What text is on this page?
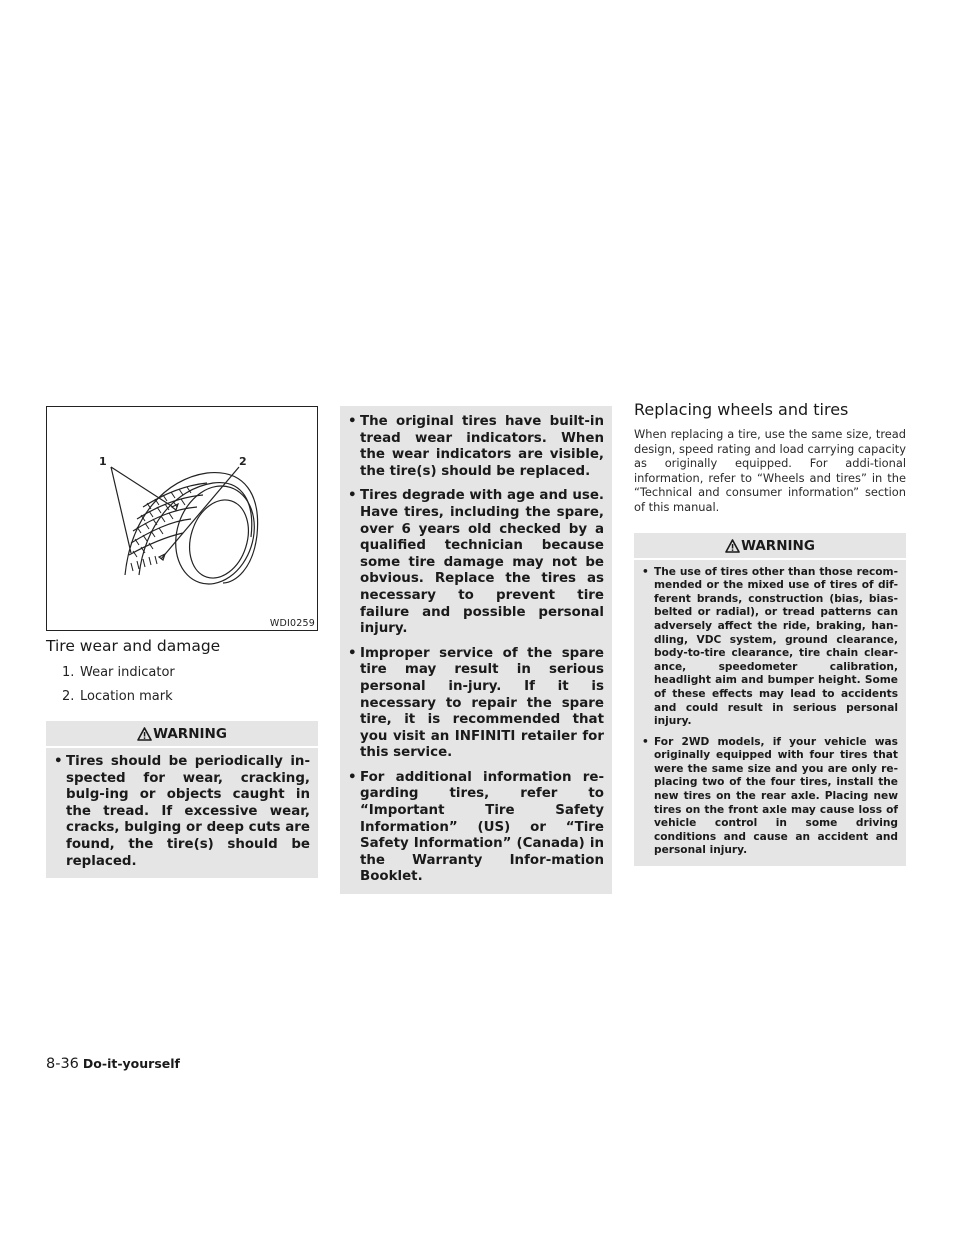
1	2
WDI0259
Tire wear and damage
1. Wear indicator
2. Location mark
WARNING
• Tires should be periodically in-spected for wear, cracking, bulg-ing or objects caught in the tread. If excessive wear, cracks, bulging or deep cuts are found, the tire(s) should be replaced.
• The original tires have built-in tread wear indicators. When the wear indicators are visible, the tire(s) should be replaced.
• Tires degrade with age and use. Have tires, including the spare, over 6 years old checked by a qualified technician because some tire damage may not be obvious. Replace the tires as necessary to prevent tire failure and possible personal injury.
• Improper service of the spare tire may result in serious personal in-jury. If it is necessary to repair the spare tire, it is recommended that you visit an INFINITI retailer for this service.
• For additional information re-garding tires, refer to “Important Tire Safety Information” (US) or “Tire Safety Information” (Canada) in the Warranty Infor-mation Booklet.
Replacing wheels and tires

When replacing a tire, use the same size, tread design, speed rating and load carrying capacity as originally equipped. For addi-tional information, refer to “Wheels and tires” in the “Technical and consumer information” section of this manual.

WARNING
• The use of tires other than those recom-mended or the mixed use of tires of dif-ferent brands, construction (bias, bias-belted or radial), or tread patterns can adversely affect the ride, braking, han-dling, VDC system, ground clearance, body-to-tire clearance, tire chain clear-ance, speedometer calibration, headlight aim and bumper height. Some of these effects may lead to accidents and could result in serious personal injury.
• For 2WD models, if your vehicle was originally equipped with four tires that were the same size and you are only re-placing two of the four tires, install the new tires on the rear axle. Placing new tires on the front axle may cause loss of vehicle control in some driving conditions and cause an accident and personal injury.
8-36 Do-it-yourself
